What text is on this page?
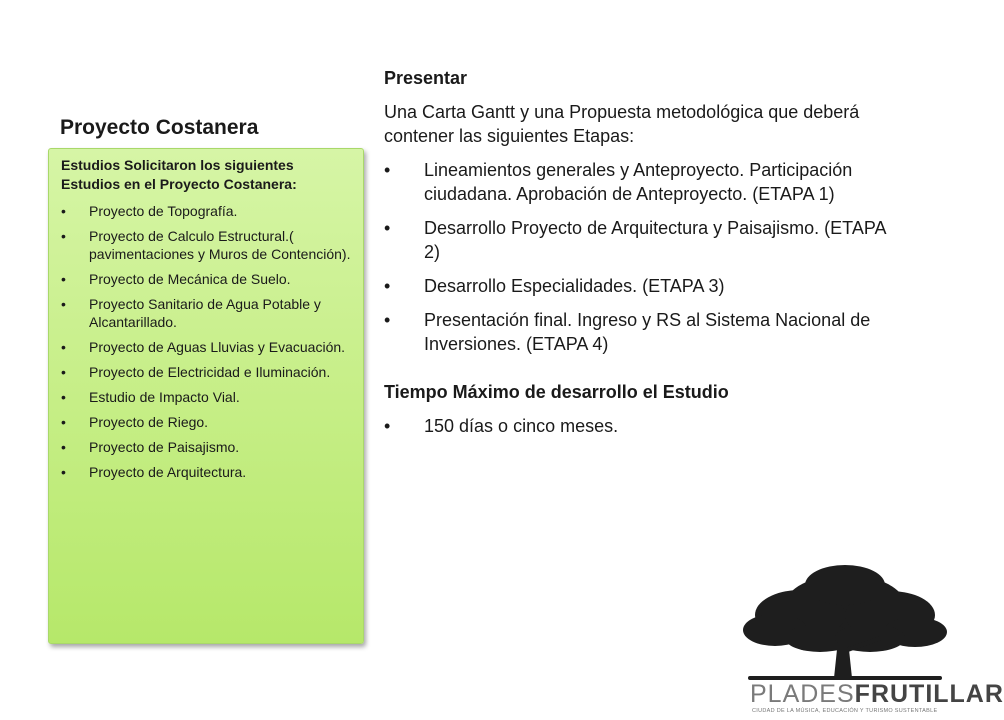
Proyecto Costanera

Estudios Solicitaron los siguientes Estudios en el Proyecto Costanera:

• Proyecto de Topografía.
• Proyecto de Calculo Estructural.( pavimentaciones y Muros de Contención).
• Proyecto de Mecánica de Suelo.
• Proyecto Sanitario de Agua Potable y Alcantarillado.
• Proyecto de Aguas Lluvias y Evacuación.
• Proyecto de Electricidad e Iluminación.
• Estudio de Impacto Vial.
• Proyecto de Riego.
• Proyecto de Paisajismo.
• Proyecto de Arquitectura.

Presentar

Una Carta Gantt y una Propuesta metodológica que deberá contener las siguientes Etapas:

• Lineamientos generales y Anteproyecto. Participación ciudadana. Aprobación de Anteproyecto. (ETAPA 1)
• Desarrollo Proyecto de Arquitectura y Paisajismo. (ETAPA 2)
• Desarrollo Especialidades. (ETAPA 3)
• Presentación final. Ingreso y RS al Sistema Nacional de Inversiones. (ETAPA 4)

Tiempo Máximo de desarrollo el Estudio

• 150 días o cinco meses.
PLADESFRUTILLAR
CIUDAD DE LA MÚSICA, EDUCACIÓN Y TURISMO SUSTENTABLE
